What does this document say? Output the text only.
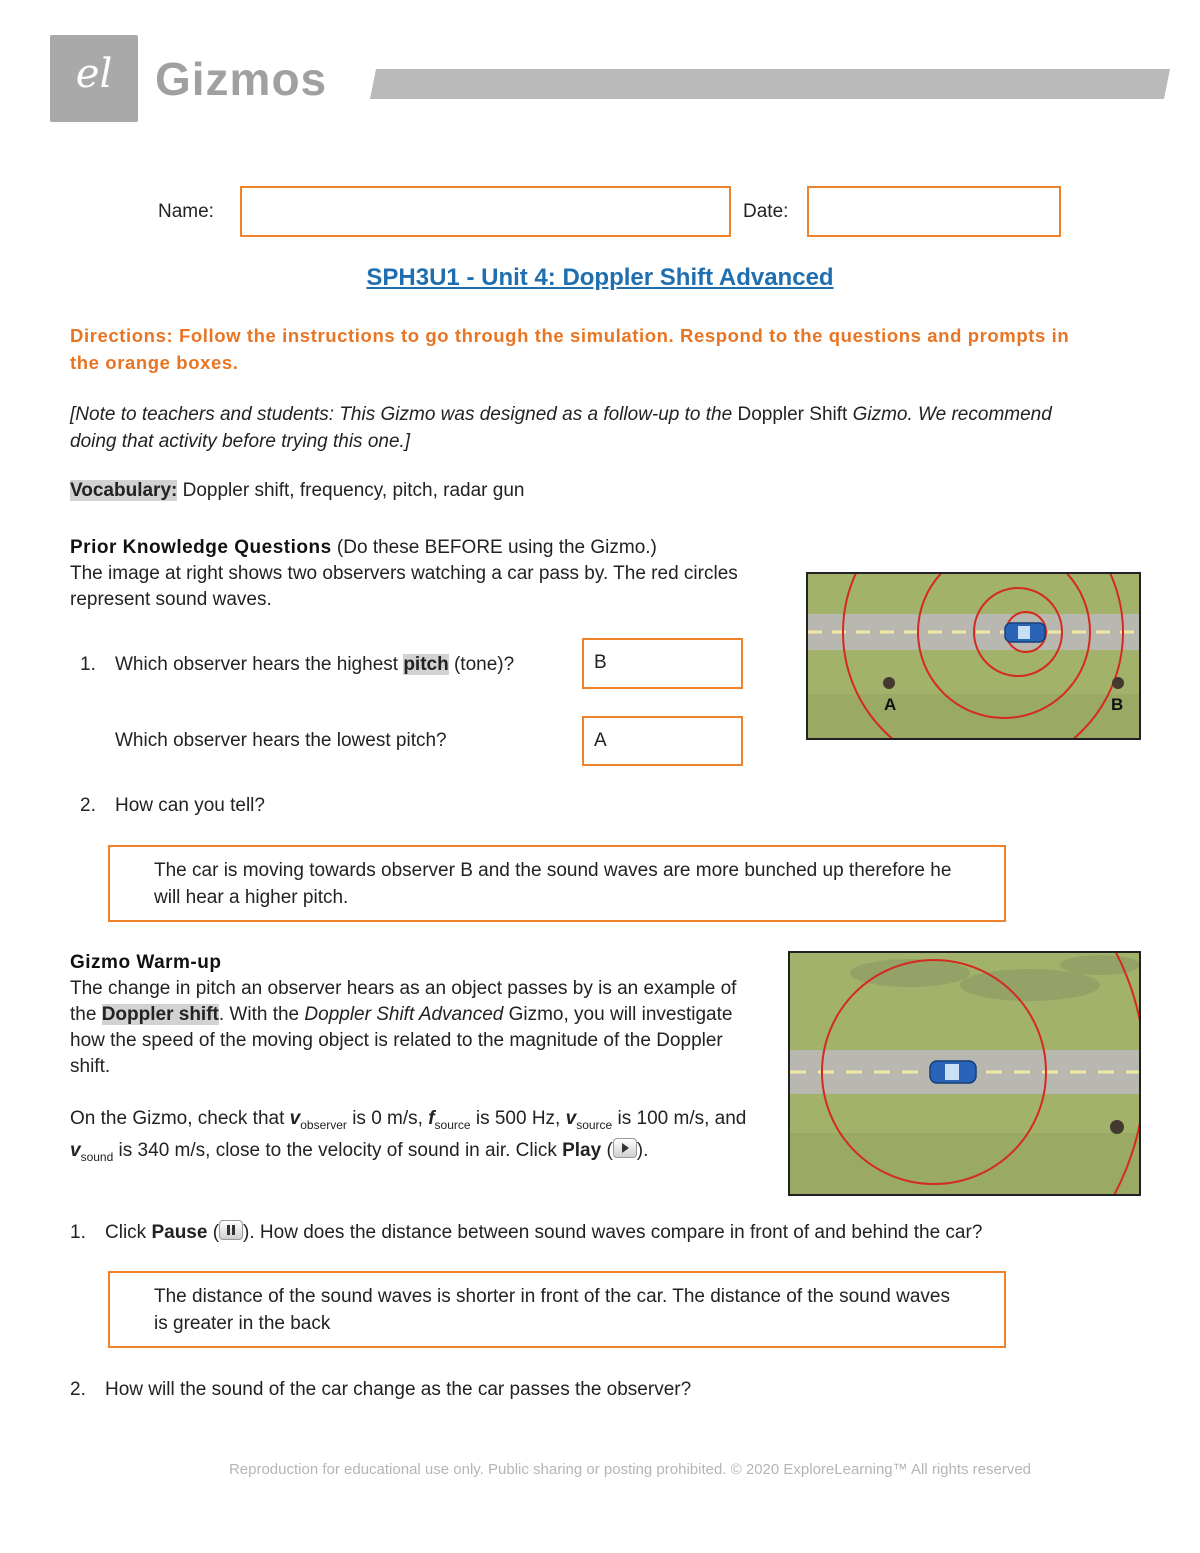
el Gizmos
Name:	Date:
SPH3U1 - Unit 4: Doppler Shift Advanced
Directions: Follow the instructions to go through the simulation. Respond to the questions and prompts in the orange boxes.
[Note to teachers and students: This Gizmo was designed as a follow-up to the Doppler Shift Gizmo. We recommend doing that activity before trying this one.]
Vocabulary: Doppler shift, frequency, pitch, radar gun
Prior Knowledge Questions (Do these BEFORE using the Gizmo.)
The image at right shows two observers watching a car pass by. The red circles represent sound waves.
A	B
1. Which observer hears the highest pitch (tone)?	B
Which observer hears the lowest pitch?	A
2. How can you tell?
The car is moving towards observer B and the sound waves are more bunched up therefore he will hear a higher pitch.
Gizmo Warm-up
The change in pitch an observer hears as an object passes by is an example of the Doppler shift. With the Doppler Shift Advanced Gizmo, you will investigate how the speed of the moving object is related to the magnitude of the Doppler shift.
On the Gizmo, check that $v_{observer}$ is 0 m/s, $f_{source}$ is 500 Hz, $v_{source}$ is 100 m/s, and $v_{sound}$ is 340 m/s, close to the velocity of sound in air. Click Play ( ).
1. Click Pause ( ). How does the distance between sound waves compare in front of and behind the car?
The distance of the sound waves is shorter in front of the car. The distance of the sound waves is greater in the back
2. How will the sound of the car change as the car passes the observer?
Reproduction for educational use only. Public sharing or posting prohibited. © 2020 ExploreLearning™ All rights reserved
